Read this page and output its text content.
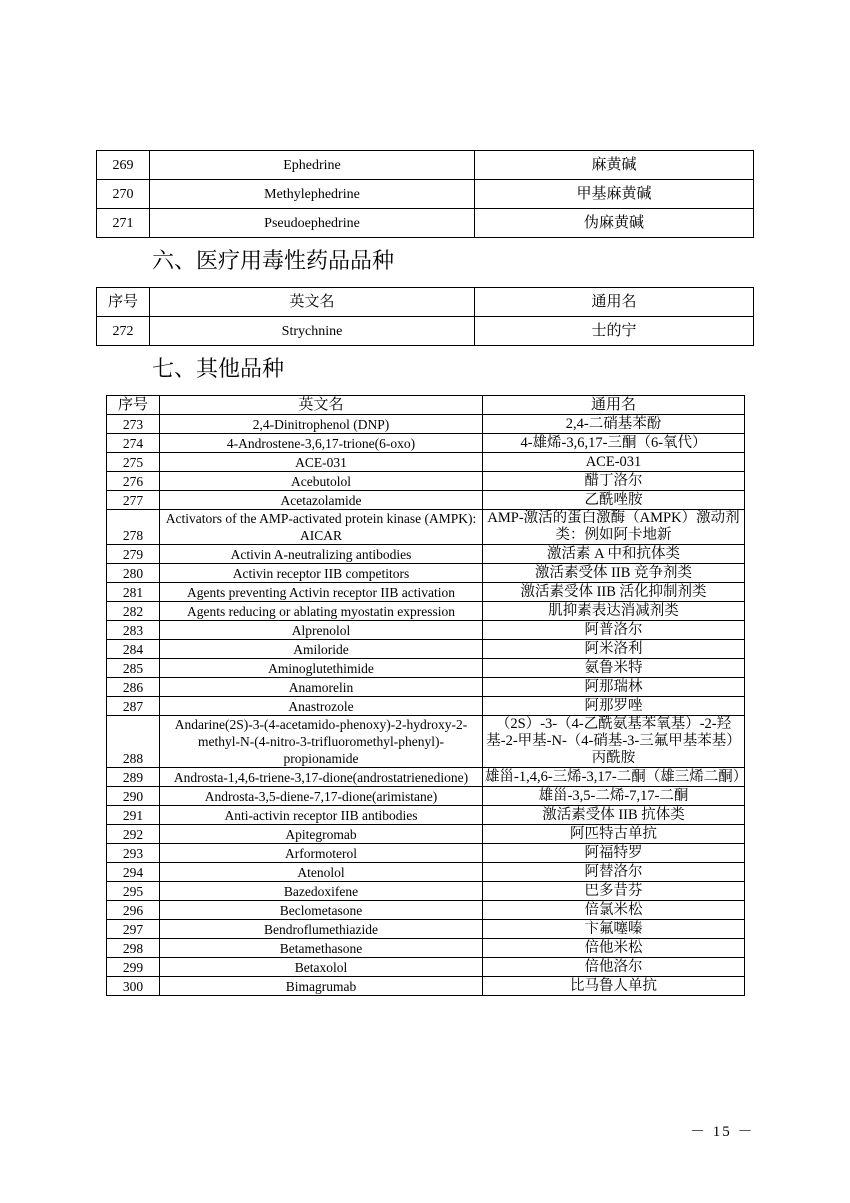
269	Ephedrine	麻黄碱
270	Methylephedrine	甲基麻黄碱
271	Pseudoephedrine	伪麻黄碱
六、医疗用毒性药品品种
序号	英文名	通用名
272	Strychnine	士的宁
七、其他品种
序号	英文名	通用名
273	2,4-Dinitrophenol (DNP)	2,4-二硝基苯酚
274	4-Androstene-3,6,17-trione(6-oxo)	4-雄烯-3,6,17-三酮（6-氧代）
275	ACE-031	ACE-031
276	Acebutolol	醋丁洛尔
277	Acetazolamide	乙酰唑胺
278	Activators of the AMP-activated protein kinase (AMPK): AICAR	AMP-激活的蛋白激酶（AMPK）激动剂类：例如阿卡地新
279	Activin A-neutralizing antibodies	激活素 A 中和抗体类
280	Activin receptor IIB competitors	激活素受体 IIB 竞争剂类
281	Agents preventing Activin receptor IIB activation	激活素受体 IIB 活化抑制剂类
282	Agents reducing or ablating myostatin expression	肌抑素表达消减剂类
283	Alprenolol	阿普洛尔
284	Amiloride	阿米洛利
285	Aminoglutethimide	氨鲁米特
286	Anamorelin	阿那瑞林
287	Anastrozole	阿那罗唑
288	Andarine(2S)-3-(4-acetamido-phenoxy)-2-hydroxy-2-methyl-N-(4-nitro-3-trifluoromethyl-phenyl)-propionamide	（2S）-3-（4-乙酰氨基苯氧基）-2-羟基-2-甲基-N-（4-硝基-3-三氟甲基苯基）丙酰胺
289	Androsta-1,4,6-triene-3,17-dione(androstatrienedione)	雄甾-1,4,6-三烯-3,17-二酮（雄三烯二酮）
290	Androsta-3,5-diene-7,17-dione(arimistane)	雄甾-3,5-二烯-7,17-二酮
291	Anti-activin receptor IIB antibodies	激活素受体 IIB 抗体类
292	Apitegromab	阿匹特古单抗
293	Arformoterol	阿福特罗
294	Atenolol	阿替洛尔
295	Bazedoxifene	巴多昔芬
296	Beclometasone	倍氯米松
297	Bendroflumethiazide	卞氟噻嗪
298	Betamethasone	倍他米松
299	Betaxolol	倍他洛尔
300	Bimagrumab	比马鲁人单抗
－ 15 －
